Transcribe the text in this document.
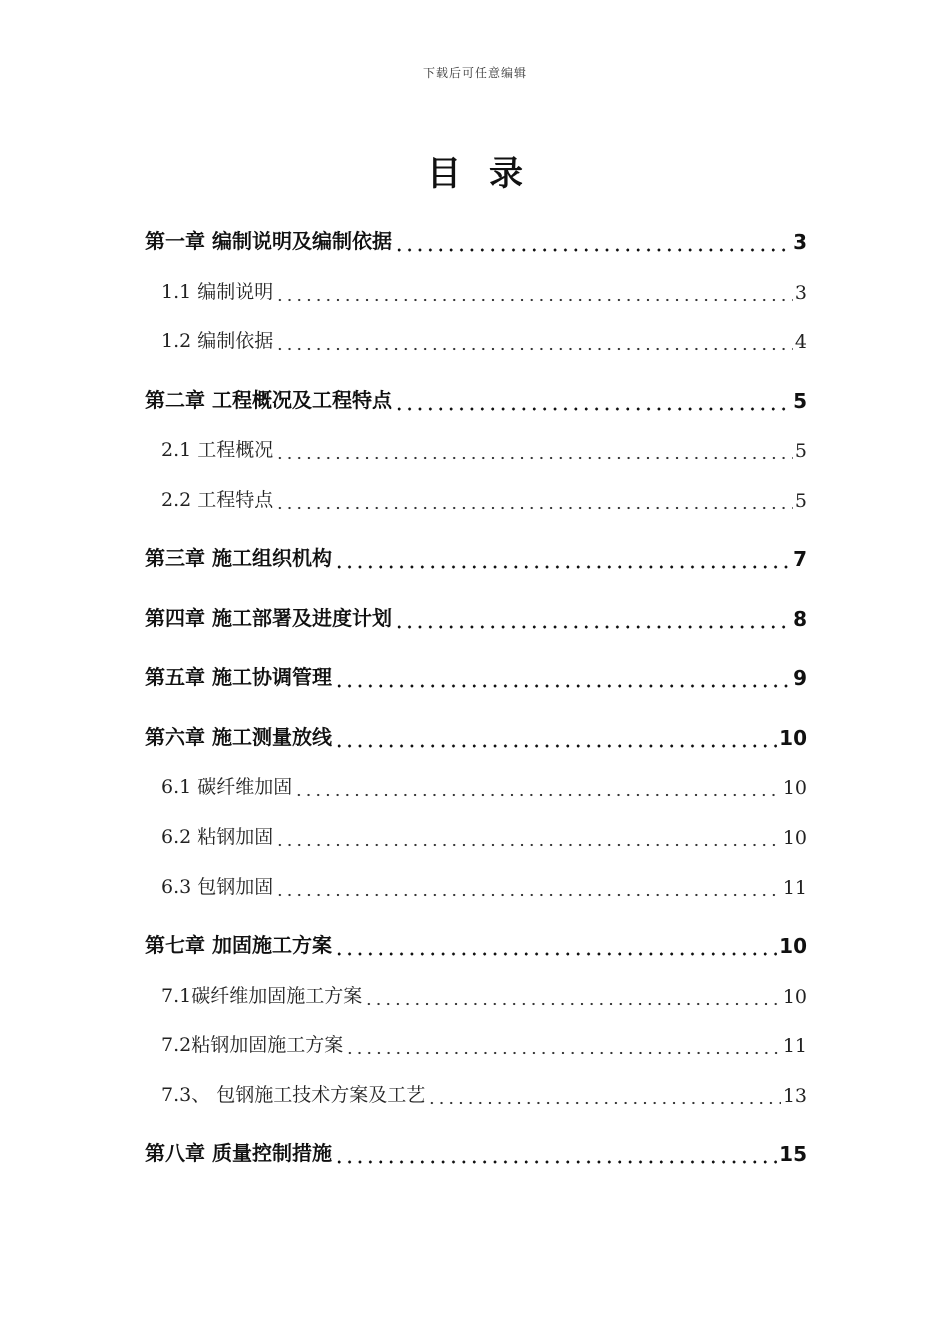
下载后可任意编辑
目录
第一章 编制说明及编制依据	3
1.1 编制说明	3
1.2 编制依据	4
第二章 工程概况及工程特点	5
2.1 工程概况	5
2.2 工程特点	5
第三章 施工组织机构	7
第四章 施工部署及进度计划	8
第五章 施工协调管理	9
第六章 施工测量放线	10
6.1 碳纤维加固	10
6.2 粘钢加固	10
6.3 包钢加固	11
第七章 加固施工方案	10
7.1碳纤维加固施工方案	10
7.2粘钢加固施工方案	11
7.3、 包钢施工技术方案及工艺	13
第八章 质量控制措施	15
